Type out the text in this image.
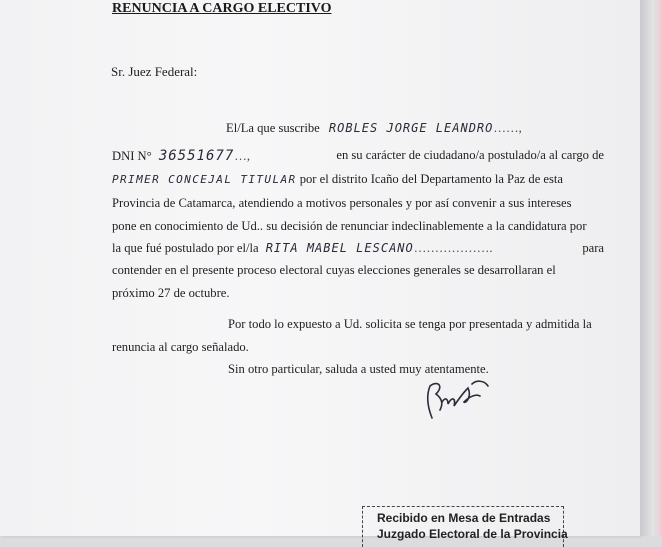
RENUNCIA A CARGO ELECTIVO
Sr. Juez Federal:
El/La que suscribe ROBLES JORGE LEANDRO……,
DNI N° 36551677…,	en su carácter de ciudadano/a postulado/a al cargo de
PRIMER CONCEJAL TITULAR por el distrito Icaño del Departamento la Paz de esta
Provincia de Catamarca, atendiendo a motivos personales y por así convenir a sus intereses
pone en conocimiento de Ud.. su decisión de renunciar indeclinablemente a la candidatura por
la que fué postulado por el/la RITA MABEL LESCANO……………….	para
contender en el presente proceso electoral cuyas elecciones generales se desarrollaran el
próximo 27 de octubre.
Por todo lo expuesto a Ud. solicita se tenga por presentada y admitida la
renuncia al cargo señalado.
Sin otro particular, saluda a usted muy atentamente.
Recibido en Mesa de Entradas
Juzgado Electoral de la Provincia
